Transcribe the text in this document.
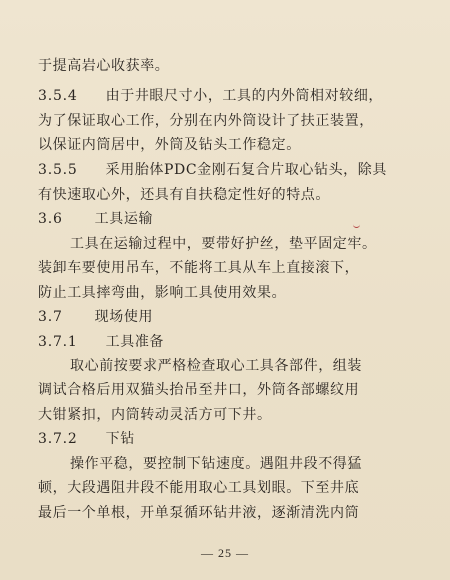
于提高岩心收获率。
3.5.4 由于井眼尺寸小，工具的内外筒相对较细，
为了保证取心工作，分别在内外筒设计了扶正装置，
以保证内筒居中，外筒及钻头工作稳定。
3.5.5 采用胎体PDC金刚石复合片取心钻头，除具
有快速取心外，还具有自扶稳定性好的特点。
3.6 工具运输
工具在运输过程中，要带好护丝，垫平固定牢。
装卸车要使用吊车，不能将工具从车上直接滚下，
防止工具摔弯曲，影响工具使用效果。
3.7 现场使用
3.7.1 工具准备
取心前按要求严格检查取心工具各部件，组装
调试合格后用双猫头抬吊至井口，外筒各部螺纹用
大钳紧扣，内筒转动灵活方可下井。
3.7.2 下钻
操作平稳，要控制下钻速度。遇阻井段不得猛
顿，大段遇阻井段不能用取心工具划眼。下至井底
最后一个单根，开单泵循环钻井液，逐渐清洗内筒
— 25 —
